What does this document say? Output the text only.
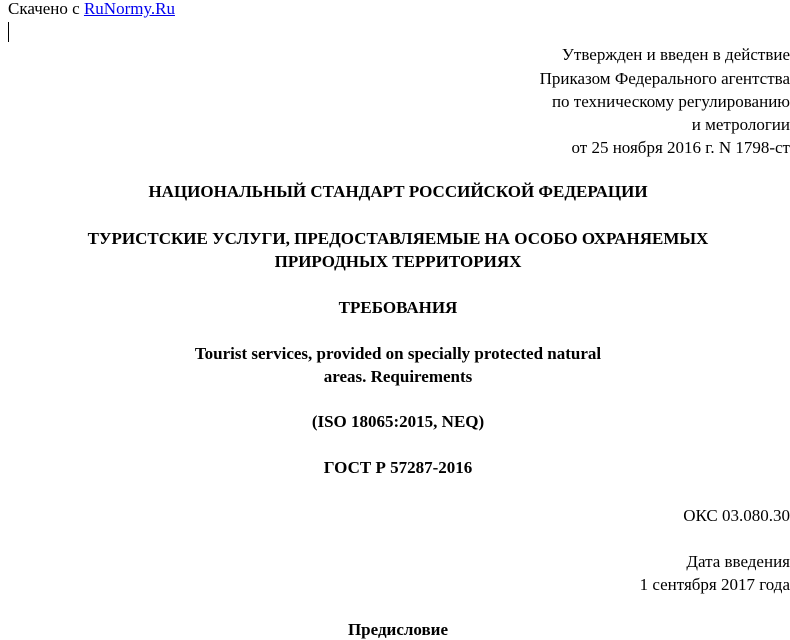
Скачено с RuNormy.Ru
Утвержден и введен в действие
Приказом Федерального агентства
по техническому регулированию
и метрологии
от 25 ноября 2016 г. N 1798-ст
НАЦИОНАЛЬНЫЙ СТАНДАРТ РОССИЙСКОЙ ФЕДЕРАЦИИ
ТУРИСТСКИЕ УСЛУГИ, ПРЕДОСТАВЛЯЕМЫЕ НА ОСОБО ОХРАНЯЕМЫХ
ПРИРОДНЫХ ТЕРРИТОРИЯХ
ТРЕБОВАНИЯ
Tourist services, provided on specially protected natural
areas. Requirements
(ISO 18065:2015, NEQ)
ГОСТ Р 57287-2016
ОКС 03.080.30
Дата введения
1 сентября 2017 года
Предисловие
